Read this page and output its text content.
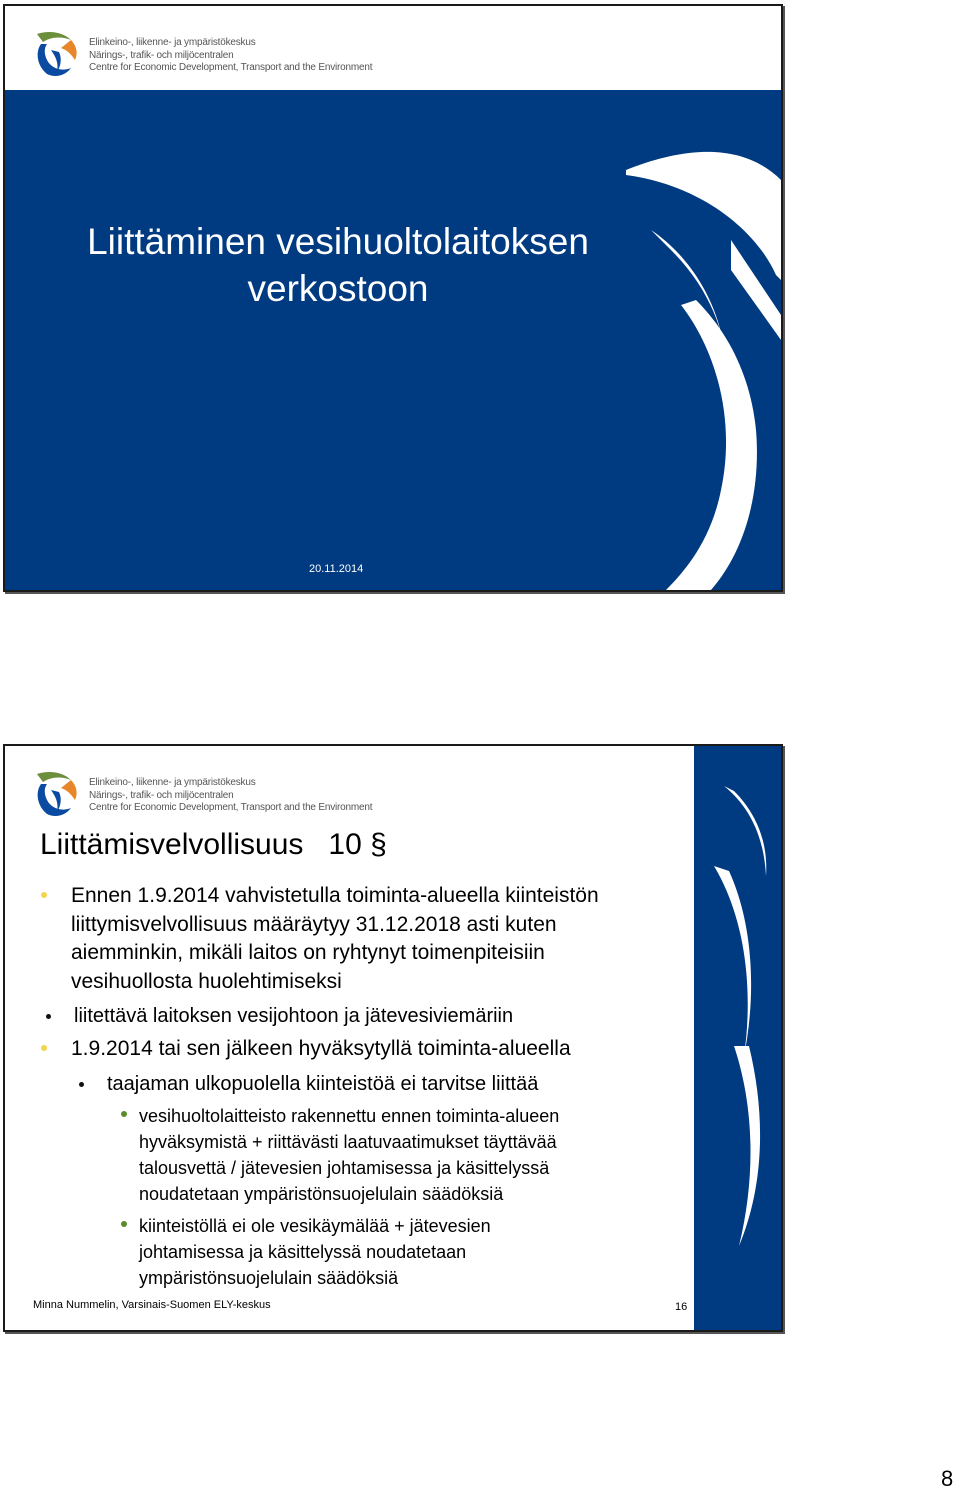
Elinkeino-, liikenne- ja ympäristökeskus
Närings-, trafik- och miljöcentralen
Centre for Economic Development, Transport and the Environment
Liittäminen vesihuoltolaitoksen
verkostoon
20.11.2014
Elinkeino-, liikenne- ja ympäristökeskus
Närings-, trafik- och miljöcentralen
Centre for Economic Development, Transport and the Environment
Liittämisvelvollisuus   10 §
Ennen 1.9.2014 vahvistetulla toiminta-alueella kiinteistön
liittymisvelvollisuus määräytyy 31.12.2018 asti kuten
aiemminkin, mikäli laitos on ryhtynyt toimenpiteisiin
vesihuollosta huolehtimiseksi
liitettävä laitoksen vesijohtoon ja jätevesiviemäriin
1.9.2014 tai sen jälkeen hyväksytyllä toiminta-alueella
taajaman ulkopuolella kiinteistöä ei tarvitse liittää
vesihuoltolaitteisto rakennettu ennen toiminta-alueen
hyväksymistä + riittävästi laatuvaatimukset täyttävää
talousvettä / jätevesien johtamisessa ja käsittelyssä
noudatetaan ympäristönsuojelulain säädöksiä
kiinteistöllä ei ole vesikäymälää + jätevesien
johtamisessa ja käsittelyssä noudatetaan
ympäristönsuojelulain säädöksiä
Minna Nummelin, Varsinais-Suomen ELY-keskus	16
8
